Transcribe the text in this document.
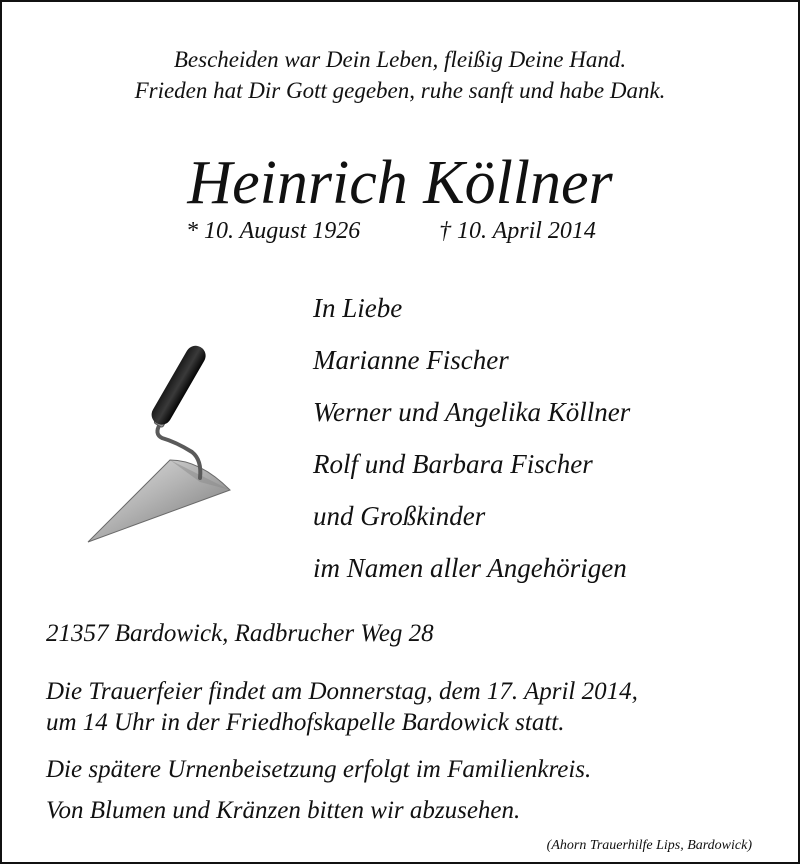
Bescheiden war Dein Leben, fleißig Deine Hand.
Frieden hat Dir Gott gegeben, ruhe sanft und habe Dank.
Heinrich Köllner
* 10. August 1926	† 10. April 2014
In Liebe
Marianne Fischer
Werner und Angelika Köllner
Rolf und Barbara Fischer
und Großkinder
im Namen aller Angehörigen
21357 Bardowick, Radbrucher Weg 28
Die Trauerfeier findet am Donnerstag, dem 17. April 2014,
um 14 Uhr in der Friedhofskapelle Bardowick statt.
Die spätere Urnenbeisetzung erfolgt im Familienkreis.
Von Blumen und Kränzen bitten wir abzusehen.
(Ahorn Trauerhilfe Lips, Bardowick)
